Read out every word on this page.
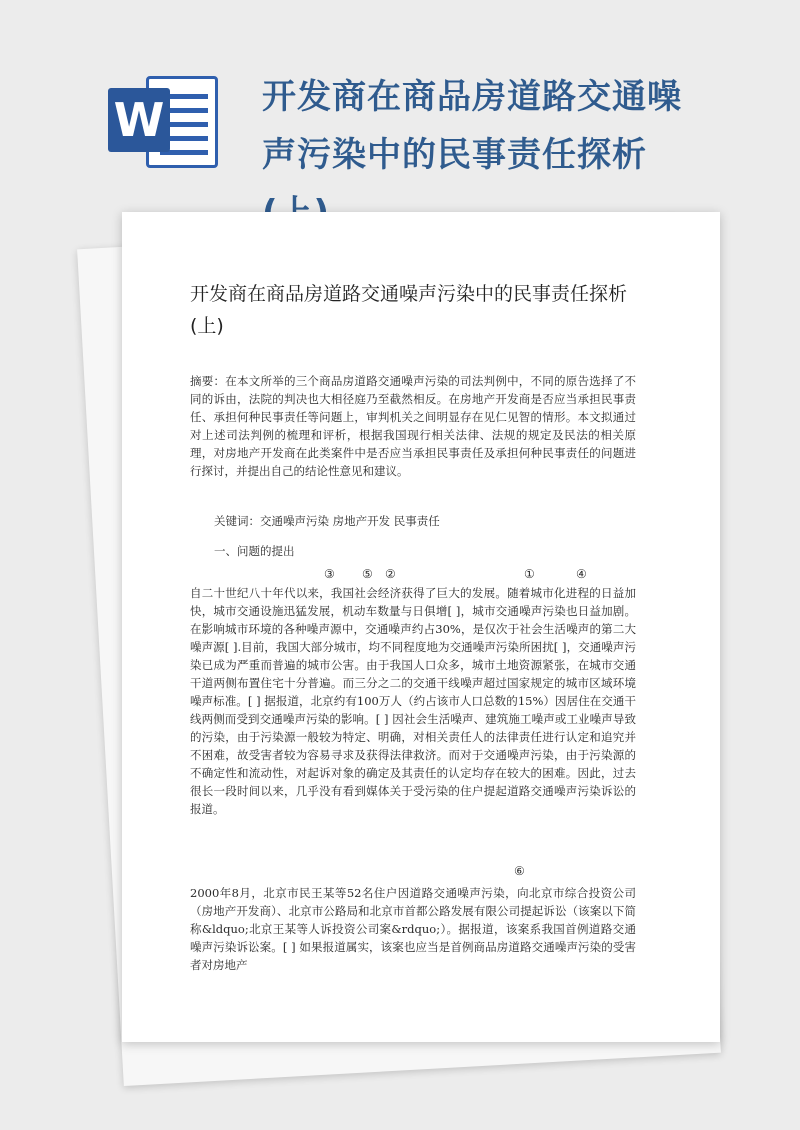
W	开发商在商品房道路交通噪声污染中的民事责任探析
开发商在商品房道路交通噪声污染中的民事责任探析(上)

摘要：在本文所举的三个商品房道路交通噪声污染的司法判例中，不同的原告选择了不同的诉由，法院的判决也大相径庭乃至截然相反。在房地产开发商是否应当承担民事责任、承担何种民事责任等问题上，审判机关之间明显存在见仁见智的情形。本文拟通过对上述司法判例的梳理和评析，根据我国现行相关法律、法规的规定及民法的相关原理，对房地产开发商在此类案件中是否应当承担民事责任及承担何种民事责任的问题进行探讨，并提出自己的结论性意见和建议。

关键词：交通噪声污染 房地产开发 民事责任

一、问题的提出

③ ⑤ ②	①	④

自二十世纪八十年代以来，我国社会经济获得了巨大的发展。随着城市化进程的日益加快，城市交通设施迅猛发展，机动车数量与日俱增[ ]，城市交通噪声污染也日益加剧。在影响城市环境的各种噪声源中，交通噪声约占30%，是仅次于社会生活噪声的第二大噪声源[ ].目前，我国大部分城市，均不同程度地为交通噪声污染所困扰[ ]，交通噪声污染已成为严重而普遍的城市公害。由于我国人口众多，城市土地资源紧张，在城市交通干道两侧布置住宅十分普遍。而三分之二的交通干线噪声超过国家规定的城市区域环境噪声标准。[ ] 据报道，北京约有100万人（约占该市人口总数的15%）因居住在交通干线两侧而受到交通噪声污染的影响。[ ] 因社会生活噪声、建筑施工噪声或工业噪声导致的污染，由于污染源一般较为特定、明确，对相关责任人的法律责任进行认定和追究并不困难，故受害者较为容易寻求及获得法律救济。而对于交通噪声污染，由于污染源的不确定性和流动性，对起诉对象的确定及其责任的认定均存在较大的困难。因此，过去很长一段时间以来，几乎没有看到媒体关于受污染的住户提起道路交通噪声污染诉讼的报道。

⑥

2000年8月，北京市民王某等52名住户因道路交通噪声污染，向北京市综合投资公司（房地产开发商）、北京市公路局和北京市首都公路发展有限公司提起诉讼（该案以下简称&ldquo;北京王某等人诉投资公司案&rdquo;）。据报道，该案系我国首例道路交通噪声污染诉讼案。[ ] 如果报道属实，该案也应当是首例商品房道路交通噪声污染的受害者对房地产
